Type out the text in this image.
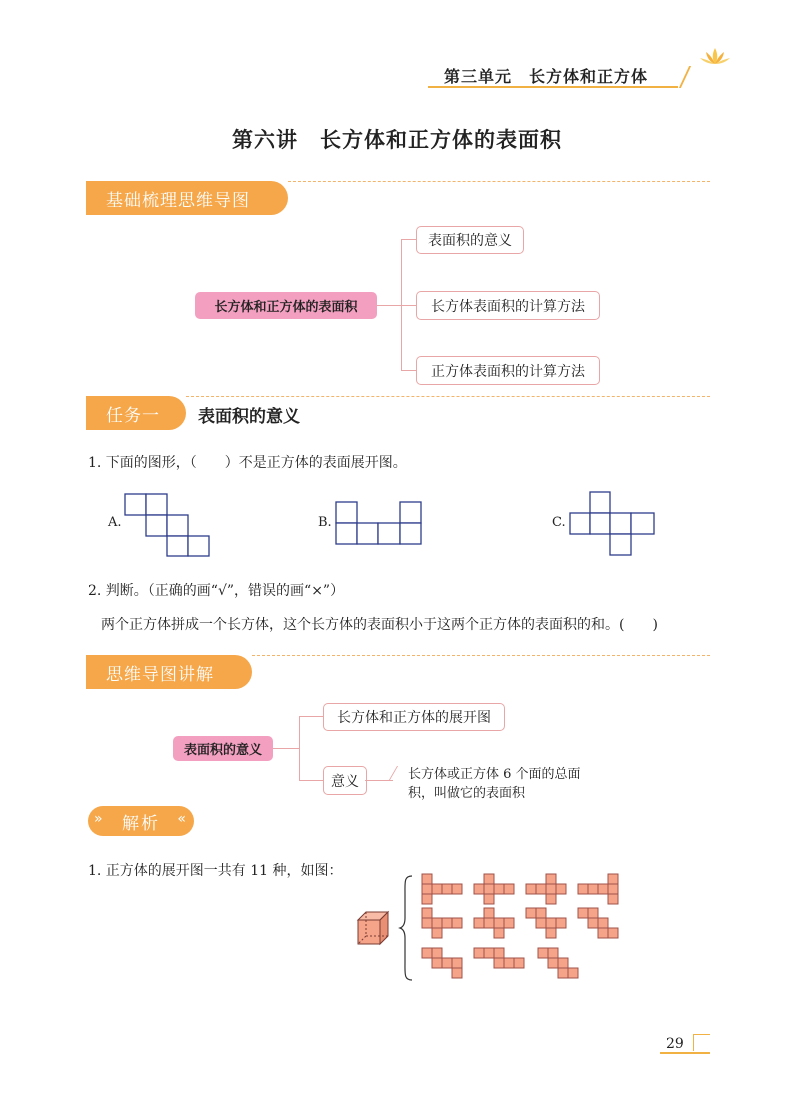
第三单元　长方体和正方体
第六讲　长方体和正方体的表面积
基础梳理思维导图
长方体和正方体的表面积
表面积的意义
长方体表面积的计算方法
正方体表面积的计算方法
任务一	表面积的意义
1. 下面的图形，（　　）不是正方体的表面展开图。
A.	B.	C.
2. 判断。（正确的画“√”，错误的画“×”）
两个正方体拼成一个长方体，这个长方体的表面积小于这两个正方体的表面积的和。(　　)
思维导图讲解
表面积的意义
长方体和正方体的展开图
意义	长方体或正方体 6 个面的总面
积，叫做它的表面积
» 解析 «
1. 正方体的展开图一共有 11 种，如图：
29
